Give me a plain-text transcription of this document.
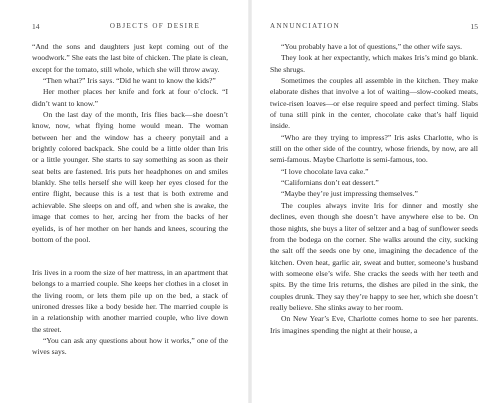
14	OBJECTS OF DESIRE

“And the sons and daughters just kept coming out of the woodwork.” She eats the last bite of chicken. The plate is clean, except for the tomato, still whole, which she will throw away.

“Then what?” Iris says. “Did he want to know the kids?”

Her mother places her knife and fork at four o’clock. “I didn’t want to know.”

On the last day of the month, Iris flies back—she doesn’t know, now, what flying home would mean. The woman between her and the window has a cheery ponytail and a brightly colored backpack. She could be a little older than Iris or a little younger. She starts to say something as soon as their seat belts are fastened. Iris puts her headphones on and smiles blankly. She tells herself she will keep her eyes closed for the entire flight, because this is a test that is both extreme and achievable. She sleeps on and off, and when she is awake, the image that comes to her, arcing her from the backs of her eyelids, is of her mother on her hands and knees, scouring the bottom of the pool.

Iris lives in a room the size of her mattress, in an apartment that belongs to a married couple. She keeps her clothes in a closet in the living room, or lets them pile up on the bed, a stack of unironed dresses like a body beside her. The married couple is in a relationship with another married couple, who live down the street.

“You can ask any questions about how it works,” one of the wives says.

ANNUNCIATION	15

“You probably have a lot of questions,” the other wife says.

They look at her expectantly, which makes Iris’s mind go blank. She shrugs.

Sometimes the couples all assemble in the kitchen. They make elaborate dishes that involve a lot of waiting—slow-cooked meats, twice-risen loaves—or else require speed and perfect timing. Slabs of tuna still pink in the center, chocolate cake that’s half liquid inside.

“Who are they trying to impress?” Iris asks Charlotte, who is still on the other side of the country, whose friends, by now, are all semi-famous. Maybe Charlotte is semi-famous, too.

“I love chocolate lava cake.”

“Californians don’t eat dessert.”

“Maybe they’re just impressing themselves.”

The couples always invite Iris for dinner and mostly she declines, even though she doesn’t have anywhere else to be. On those nights, she buys a liter of seltzer and a bag of sunflower seeds from the bodega on the corner. She walks around the city, sucking the salt off the seeds one by one, imagining the decadence of the kitchen. Oven heat, garlic air, sweat and butter, someone’s husband with someone else’s wife. She cracks the seeds with her teeth and spits. By the time Iris returns, the dishes are piled in the sink, the couples drunk. They say they’re happy to see her, which she doesn’t really believe. She slinks away to her room.

On New Year’s Eve, Charlotte comes home to see her parents. Iris imagines spending the night at their house, a
